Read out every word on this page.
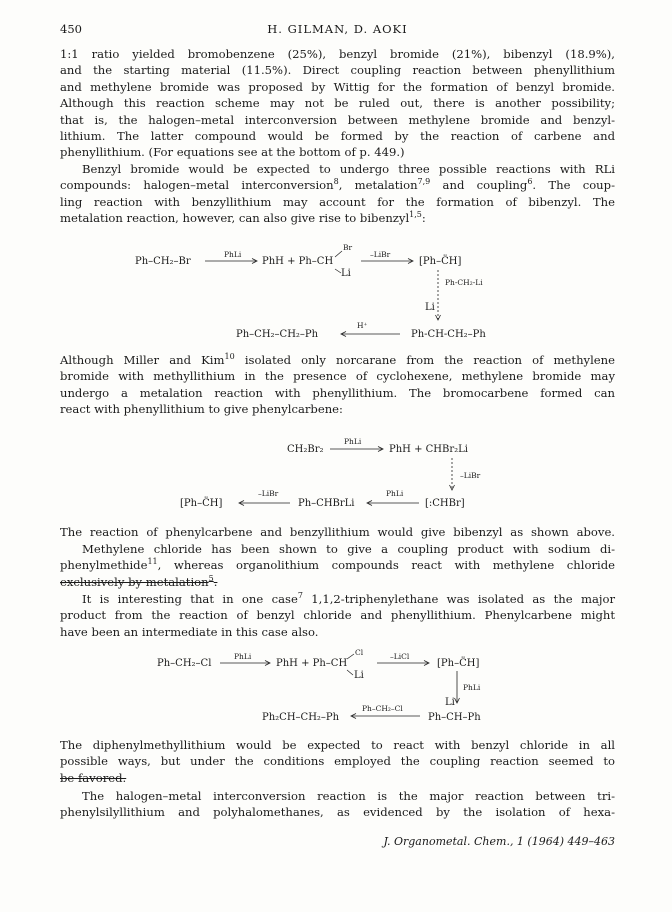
450	H. GILMAN, D. AOKI
1:1 ratio yielded bromobenzene (25%), benzyl bromide (21%), bibenzyl (18.9%),
and the starting material (11.5%). Direct coupling reaction between phenyllithium
and methylene bromide was proposed by Wittig for the formation of benzyl bromide.
Although this reaction scheme may not be ruled out, there is another possibility;
that is, the halogen–metal interconversion between methylene bromide and benzyl-
lithium. The latter compound would be formed by the reaction of carbene and
phenyllithium. (For equations see at the bottom of p. 449.)
Benzyl bromide would be expected to undergo three possible reactions with RLi
compounds: halogen–metal interconversion$^8$, metalation$^{7,9}$ and coupling$^6$. The coup-
ling reaction with benzyllithium may account for the formation of bibenzyl. The
metalation reaction, however, can also give rise to bibenzyl$^{1,5}$:
Ph–CH₂–Br
PhLi
PhH + Ph–CH
Br
Li
–LiBr
[Ph–C̈H]
Ph-CH₂-Li
Li
Ph-CH-CH₂–Ph
H⁺
Ph–CH₂–CH₂–Ph
CH₂Br₂
PhLi
PhH + CHBr₂Li
–LiBr
[:CHBr]
PhLi
Ph–CHBrLi
–LiBr
[Ph–C̈H]
Ph–CH₂–Cl
PhLi
PhH + Ph–CH
Cl
Li
–LiCl
[Ph–C̈H]
PhLi
Li
Ph–CH–Ph
Ph–CH₂–Cl
Ph₂CH–CH₂–Ph
Although Miller and Kim$^{10}$ isolated only norcarane from the reaction of methylene
bromide with methyllithium in the presence of cyclohexene, methylene bromide may
undergo a metalation reaction with phenyllithium. The bromocarbene formed can
react with phenyllithium to give phenylcarbene:
The reaction of phenylcarbene and benzyllithium would give bibenzyl as shown above.
Methylene chloride has been shown to give a coupling product with sodium di-
phenylmethide$^{11}$, whereas organolithium compounds react with methylene chloride
exclusively by metalation$^5$.
It is interesting that in one case$^7$ 1,1,2-triphenylethane was isolated as the major
product from the reaction of benzyl chloride and phenyllithium. Phenylcarbene might
have been an intermediate in this case also.
The diphenylmethyllithium would be expected to react with benzyl chloride in all
possible ways, but under the conditions employed the coupling reaction seemed to
be favored.
The halogen–metal interconversion reaction is the major reaction between tri-
phenylsilyllithium and polyhalomethanes, as evidenced by the isolation of hexa-
J. Organometal. Chem., 1 (1964) 449–463
